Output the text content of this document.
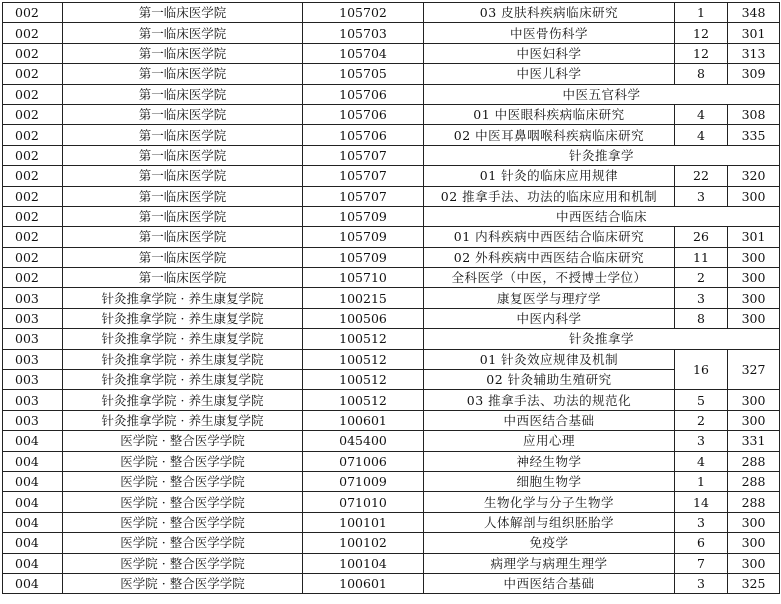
002	第一临床医学院	105702	03 皮肤科疾病临床研究	1	348
002	第一临床医学院	105703	中医骨伤科学	12	301
002	第一临床医学院	105704	中医妇科学	12	313
002	第一临床医学院	105705	中医儿科学	8	309
002	第一临床医学院	105706	中医五官科学		
002	第一临床医学院	105706	01 中医眼科疾病临床研究	4	308
002	第一临床医学院	105706	02 中医耳鼻咽喉科疾病临床研究	4	335
002	第一临床医学院	105707	针灸推拿学		
002	第一临床医学院	105707	01 针灸的临床应用规律	22	320
002	第一临床医学院	105707	02 推拿手法、功法的临床应用和机制	3	300
002	第一临床医学院	105709	中西医结合临床		
002	第一临床医学院	105709	01 内科疾病中西医结合临床研究	26	301
002	第一临床医学院	105709	02 外科疾病中西医结合临床研究	11	300
002	第一临床医学院	105710	全科医学（中医，不授博士学位）	2	300
003	针灸推拿学院 · 养生康复学院	100215	康复医学与理疗学	3	300
003	针灸推拿学院 · 养生康复学院	100506	中医内科学	8	300
003	针灸推拿学院 · 养生康复学院	100512	针灸推拿学		
003	针灸推拿学院 · 养生康复学院	100512	01 针灸效应规律及机制	16	327
003	针灸推拿学院 · 养生康复学院	100512	02 针灸辅助生殖研究		
003	针灸推拿学院 · 养生康复学院	100512	03 推拿手法、功法的规范化	5	300
003	针灸推拿学院 · 养生康复学院	100601	中西医结合基础	2	300
004	医学院 · 整合医学学院	045400	应用心理	3	331
004	医学院 · 整合医学学院	071006	神经生物学	4	288
004	医学院 · 整合医学学院	071009	细胞生物学	1	288
004	医学院 · 整合医学学院	071010	生物化学与分子生物学	14	288
004	医学院 · 整合医学学院	100101	人体解剖与组织胚胎学	3	300
004	医学院 · 整合医学学院	100102	免疫学	6	300
004	医学院 · 整合医学学院	100104	病理学与病理生理学	7	300
004	医学院 · 整合医学学院	100601	中西医结合基础	3	325
